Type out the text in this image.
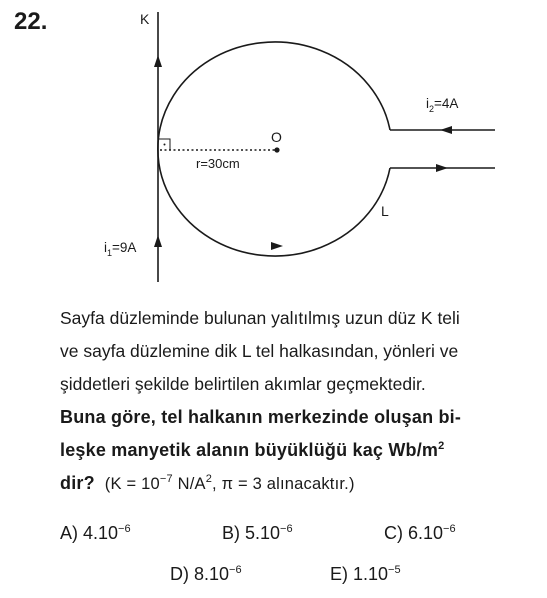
22.	K
O
r=30cm
L
$i_1=9A$
$i_2=4A$
Sayfa düzleminde bulunan yalıtılmış uzun düz K teli
ve sayfa düzlemine dik L tel halkasından, yönleri ve
şiddetleri şekilde belirtilen akımlar geçmektedir.
Buna göre, tel halkanın merkezinde oluşan bi-
leşke manyetik alanın büyüklüğü kaç $Wb/m^2$
dir? ($K = 10^{-7}$ $N/A^2$, π = 3 alınacaktır.)
A) $4.10^{-6}$	B) $5.10^{-6}$	C) $6.10^{-6}$
D) $8.10^{-6}$	E) $1.10^{-5}$
